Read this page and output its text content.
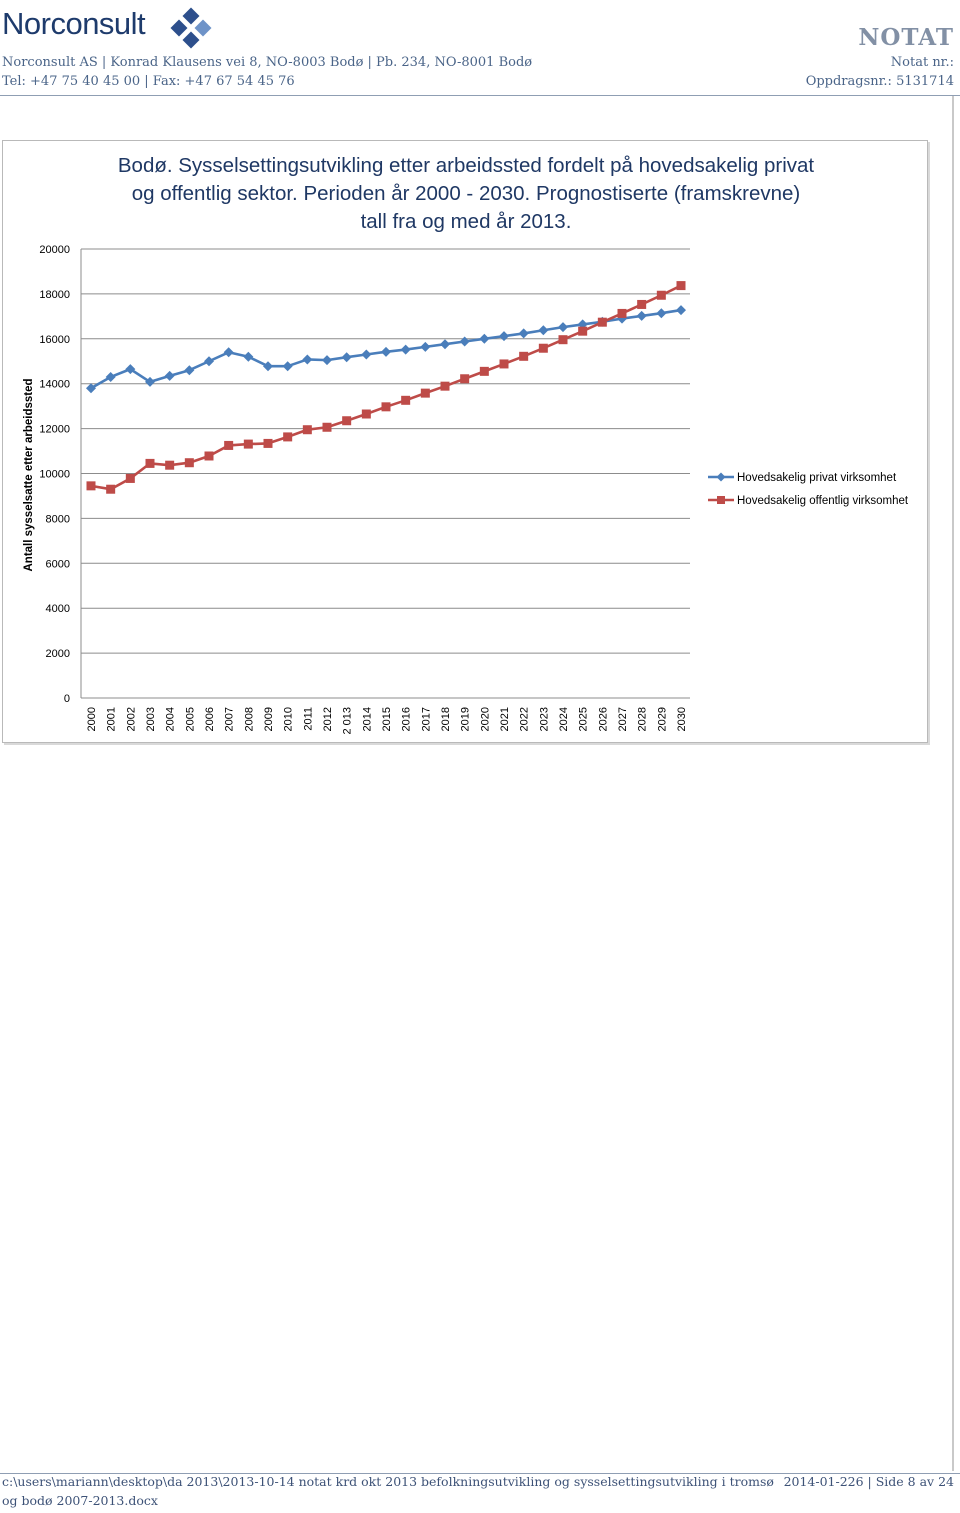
Norconsult
Norconsult AS | Konrad Klausens vei 8, NO-8003 Bodø | Pb. 234, NO-8001 Bodø
Tel: +47 75 40 45 00 | Fax: +47 67 54 45 76
NOTAT
Notat nr.:
Oppdragsnr.: 5131714
Bodø. Sysselsettingsutvikling etter arbeidssted fordelt på hovedsakelig privat
og offentlig sektor. Perioden år 2000 - 2030. Prognostiserte (framskrevne)
tall fra og med år 2013.
0
2000
4000
6000
8000
10000
12000
14000
16000
18000
20000
2000 2001 2002 2003 2004 2005 2006 2007 2008 2009 2010 2011 2012 2 013 2014 2015 2016 2017 2018 2019 2020 2021 2022 2023 2024 2025 2026 2027 2028 2029 2030
Hovedsakelig privat virksomhet
Hovedsakelig offentlig virksomhet
Antall sysselsatte etter arbeidssted
c:\users\mariann\desktop\da 2013\2013-10-14 notat krd okt 2013 befolkningsutvikling og sysselsettingsutvikling i tromsø
og bodø 2007-2013.docx
2014-01-226 | Side 8 av 24
